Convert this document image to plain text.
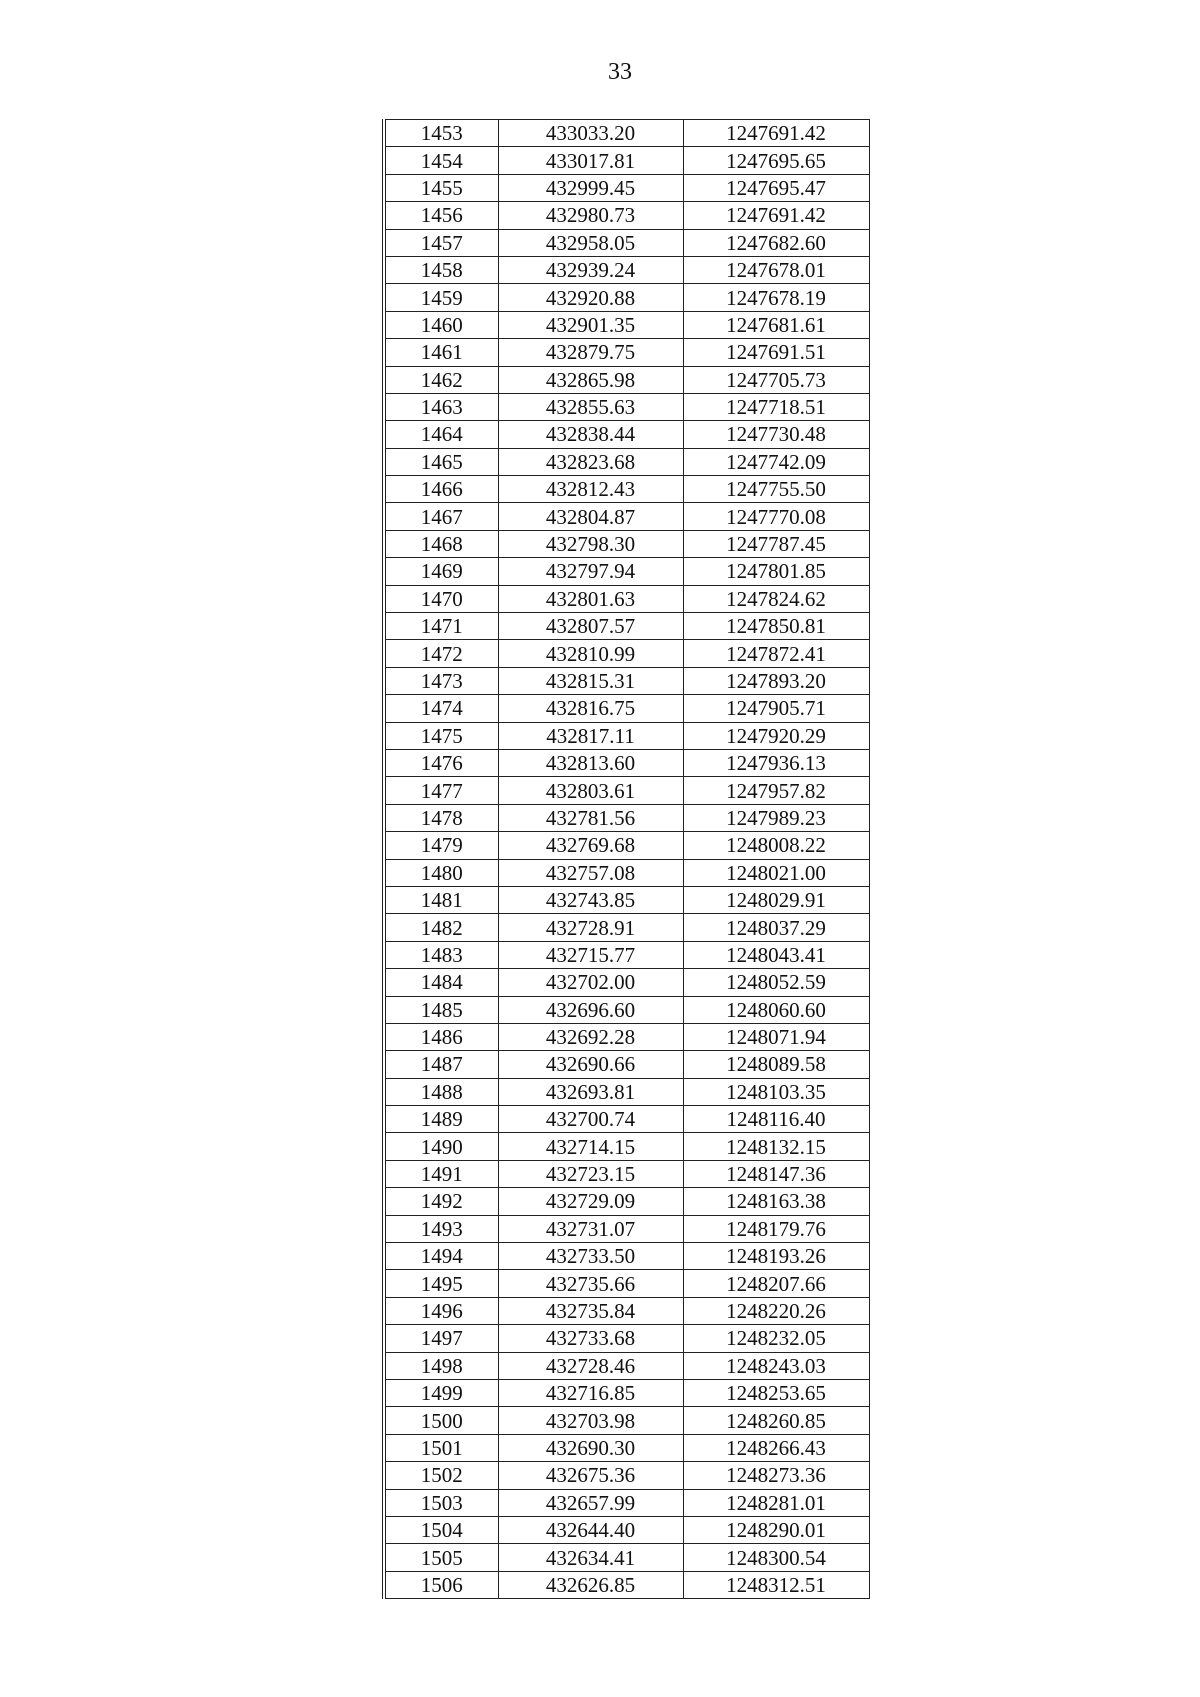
33
1453	433033.20	1247691.42
1454	433017.81	1247695.65
1455	432999.45	1247695.47
1456	432980.73	1247691.42
1457	432958.05	1247682.60
1458	432939.24	1247678.01
1459	432920.88	1247678.19
1460	432901.35	1247681.61
1461	432879.75	1247691.51
1462	432865.98	1247705.73
1463	432855.63	1247718.51
1464	432838.44	1247730.48
1465	432823.68	1247742.09
1466	432812.43	1247755.50
1467	432804.87	1247770.08
1468	432798.30	1247787.45
1469	432797.94	1247801.85
1470	432801.63	1247824.62
1471	432807.57	1247850.81
1472	432810.99	1247872.41
1473	432815.31	1247893.20
1474	432816.75	1247905.71
1475	432817.11	1247920.29
1476	432813.60	1247936.13
1477	432803.61	1247957.82
1478	432781.56	1247989.23
1479	432769.68	1248008.22
1480	432757.08	1248021.00
1481	432743.85	1248029.91
1482	432728.91	1248037.29
1483	432715.77	1248043.41
1484	432702.00	1248052.59
1485	432696.60	1248060.60
1486	432692.28	1248071.94
1487	432690.66	1248089.58
1488	432693.81	1248103.35
1489	432700.74	1248116.40
1490	432714.15	1248132.15
1491	432723.15	1248147.36
1492	432729.09	1248163.38
1493	432731.07	1248179.76
1494	432733.50	1248193.26
1495	432735.66	1248207.66
1496	432735.84	1248220.26
1497	432733.68	1248232.05
1498	432728.46	1248243.03
1499	432716.85	1248253.65
1500	432703.98	1248260.85
1501	432690.30	1248266.43
1502	432675.36	1248273.36
1503	432657.99	1248281.01
1504	432644.40	1248290.01
1505	432634.41	1248300.54
1506	432626.85	1248312.51
